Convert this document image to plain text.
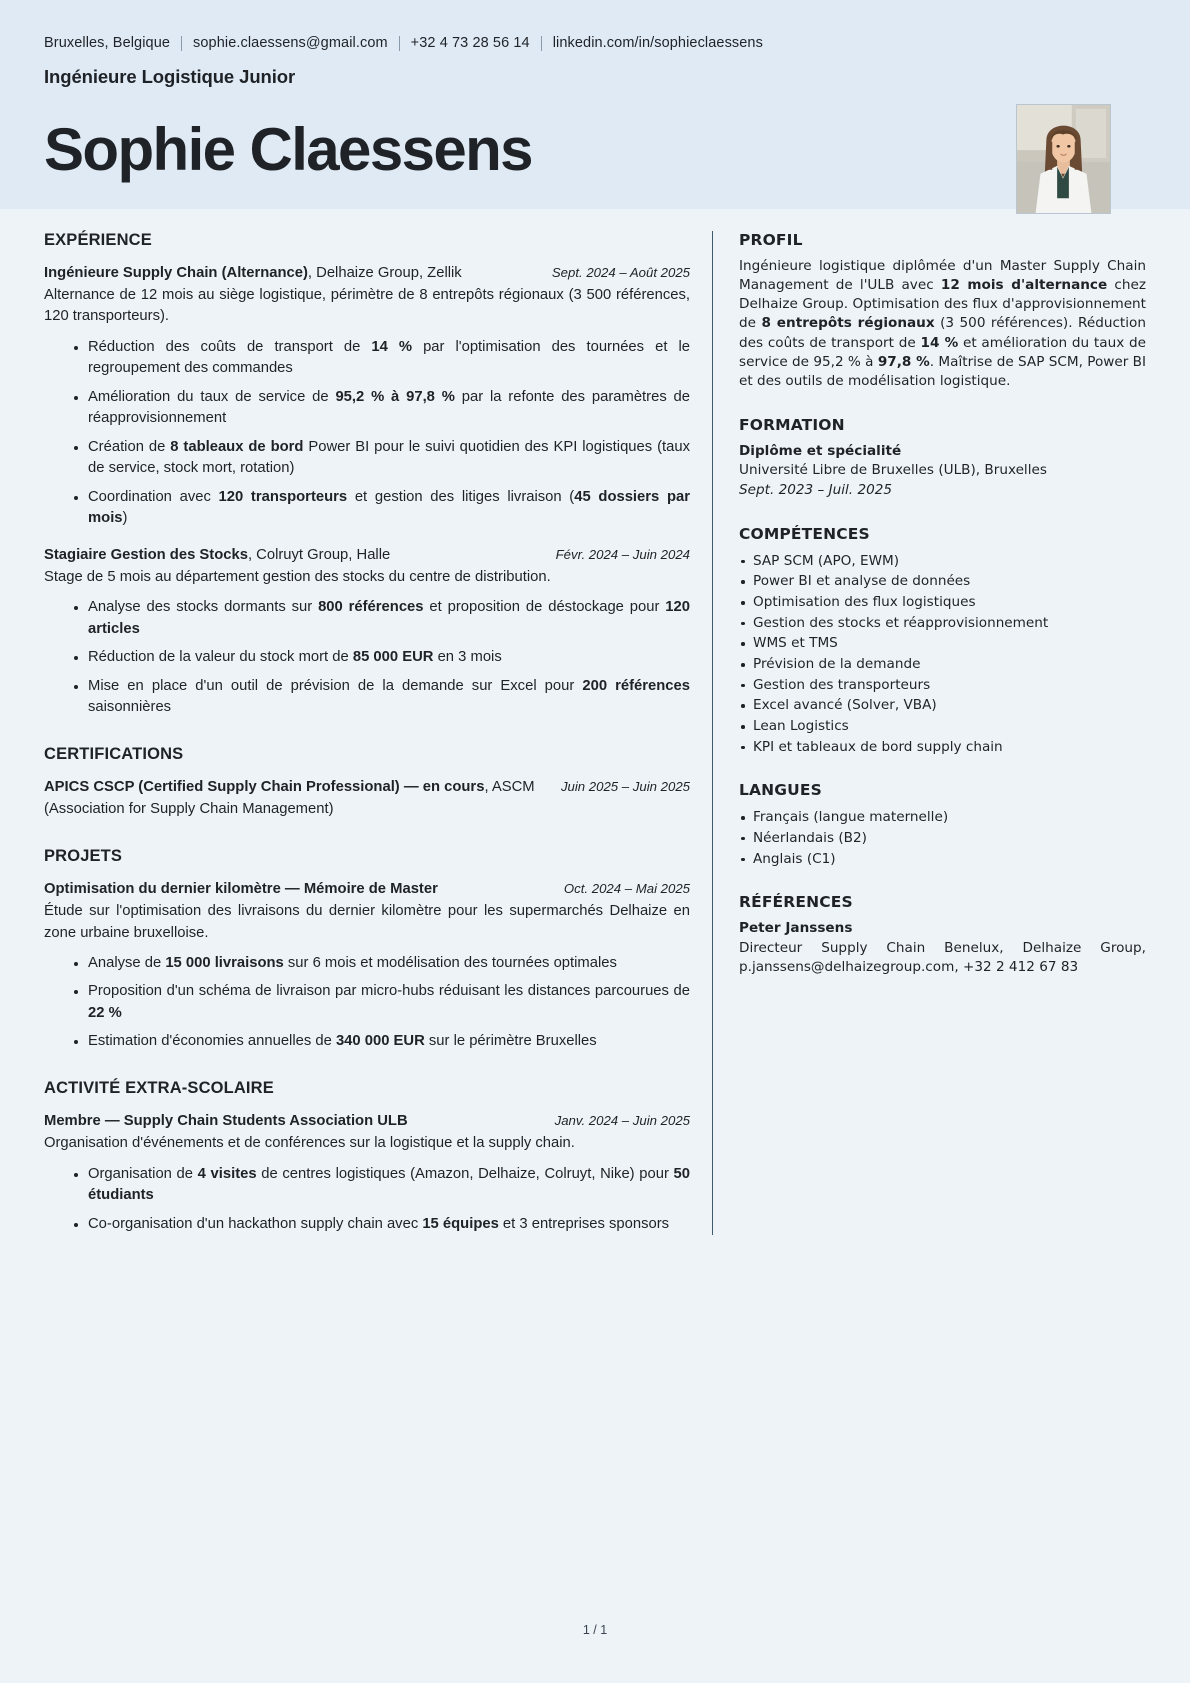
Bruxelles, Belgique sophie.claessens@gmail.com +32 4 73 28 56 14 linkedin.com/in/sophieclaessens
Ingénieure Logistique Junior
Sophie Claessens
EXPÉRIENCE
Ingénieure Supply Chain (Alternance), Delhaize Group, Zellik	Sept. 2024 – Août 2025
Alternance de 12 mois au siège logistique, périmètre de 8 entrepôts régionaux (3 500 références, 120 transporteurs).
Réduction des coûts de transport de 14 % par l'optimisation des tournées et le regroupement des commandes
Amélioration du taux de service de 95,2 % à 97,8 % par la refonte des paramètres de réapprovisionnement
Création de 8 tableaux de bord Power BI pour le suivi quotidien des KPI logistiques (taux de service, stock mort, rotation)
Coordination avec 120 transporteurs et gestion des litiges livraison (45 dossiers par mois)
Stagiaire Gestion des Stocks, Colruyt Group, Halle	Févr. 2024 – Juin 2024
Stage de 5 mois au département gestion des stocks du centre de distribution.
Analyse des stocks dormants sur 800 références et proposition de déstockage pour 120 articles
Réduction de la valeur du stock mort de 85 000 EUR en 3 mois
Mise en place d'un outil de prévision de la demande sur Excel pour 200 références saisonnières
CERTIFICATIONS
APICS CSCP (Certified Supply Chain Professional) — en cours, ASCM Juin 2025 – Juin 2025
(Association for Supply Chain Management)
PROJETS
Optimisation du dernier kilomètre — Mémoire de Master	Oct. 2024 – Mai 2025
Étude sur l'optimisation des livraisons du dernier kilomètre pour les supermarchés Delhaize en zone urbaine bruxelloise.
Analyse de 15 000 livraisons sur 6 mois et modélisation des tournées optimales
Proposition d'un schéma de livraison par micro-hubs réduisant les distances parcourues de 22 %
Estimation d'économies annuelles de 340 000 EUR sur le périmètre Bruxelles
ACTIVITÉ EXTRA-SCOLAIRE
Membre — Supply Chain Students Association ULB	Janv. 2024 – Juin 2025
Organisation d'événements et de conférences sur la logistique et la supply chain.
Organisation de 4 visites de centres logistiques (Amazon, Delhaize, Colruyt, Nike) pour 50 étudiants
Co-organisation d'un hackathon supply chain avec 15 équipes et 3 entreprises sponsors
PROFIL

Ingénieure logistique diplômée d'un Master Supply Chain Management de l'ULB avec 12 mois d'alternance chez Delhaize Group. Optimisation des flux d'approvisionnement de 8 entrepôts régionaux (3 500 références). Réduction des coûts de transport de 14 % et amélioration du taux de service de 95,2 % à 97,8 %. Maîtrise de SAP SCM, Power BI et des outils de modélisation logistique.

FORMATION
Diplôme et spécialité
Université Libre de Bruxelles (ULB), Bruxelles
Sept. 2023 – Juil. 2025
COMPÉTENCES
SAP SCM (APO, EWM)
Power BI et analyse de données
Optimisation des flux logistiques
Gestion des stocks et réapprovisionnement
WMS et TMS
Prévision de la demande
Gestion des transporteurs
Excel avancé (Solver, VBA)
Lean Logistics
KPI et tableaux de bord supply chain
LANGUES
Français (langue maternelle)
Néerlandais (B2)
Anglais (C1)
RÉFÉRENCES
Peter Janssens
Directeur Supply Chain Benelux, Delhaize Group, p.janssens@delhaizegroup.com, +32 2 412 67 83
1 / 1
